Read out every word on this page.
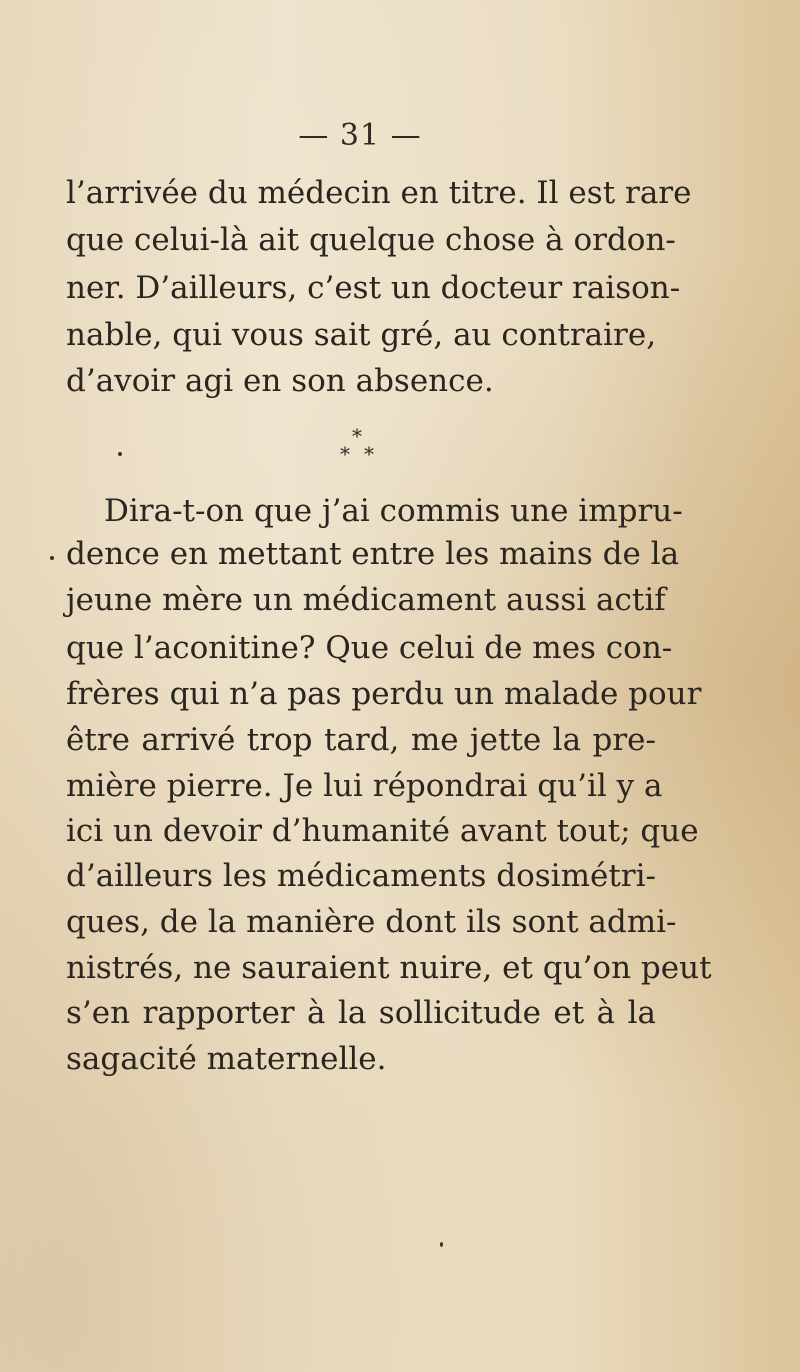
— 31 —
l’arrivée du médecin en titre. Il est rare
que celui-là ait quelque chose à ordon-
ner. D’ailleurs, c’est un docteur raison-
nable, qui vous sait gré, au contraire,
d’avoir agi en son absence.
*
* *
Dira-t-on que j’ai commis une impru-
dence en mettant entre les mains de la
jeune mère un médicament aussi actif
que l’aconitine? Que celui de mes con-
frères qui n’a pas perdu un malade pour
être arrivé trop tard, me jette la pre-
mière pierre. Je lui répondrai qu’il y a
ici un devoir d’humanité avant tout; que
d’ailleurs les médicaments dosimétri-
ques, de la manière dont ils sont admi-
nistrés, ne sauraient nuire, et qu’on peut
s’en rapporter à la sollicitude et à la
sagacité maternelle.
